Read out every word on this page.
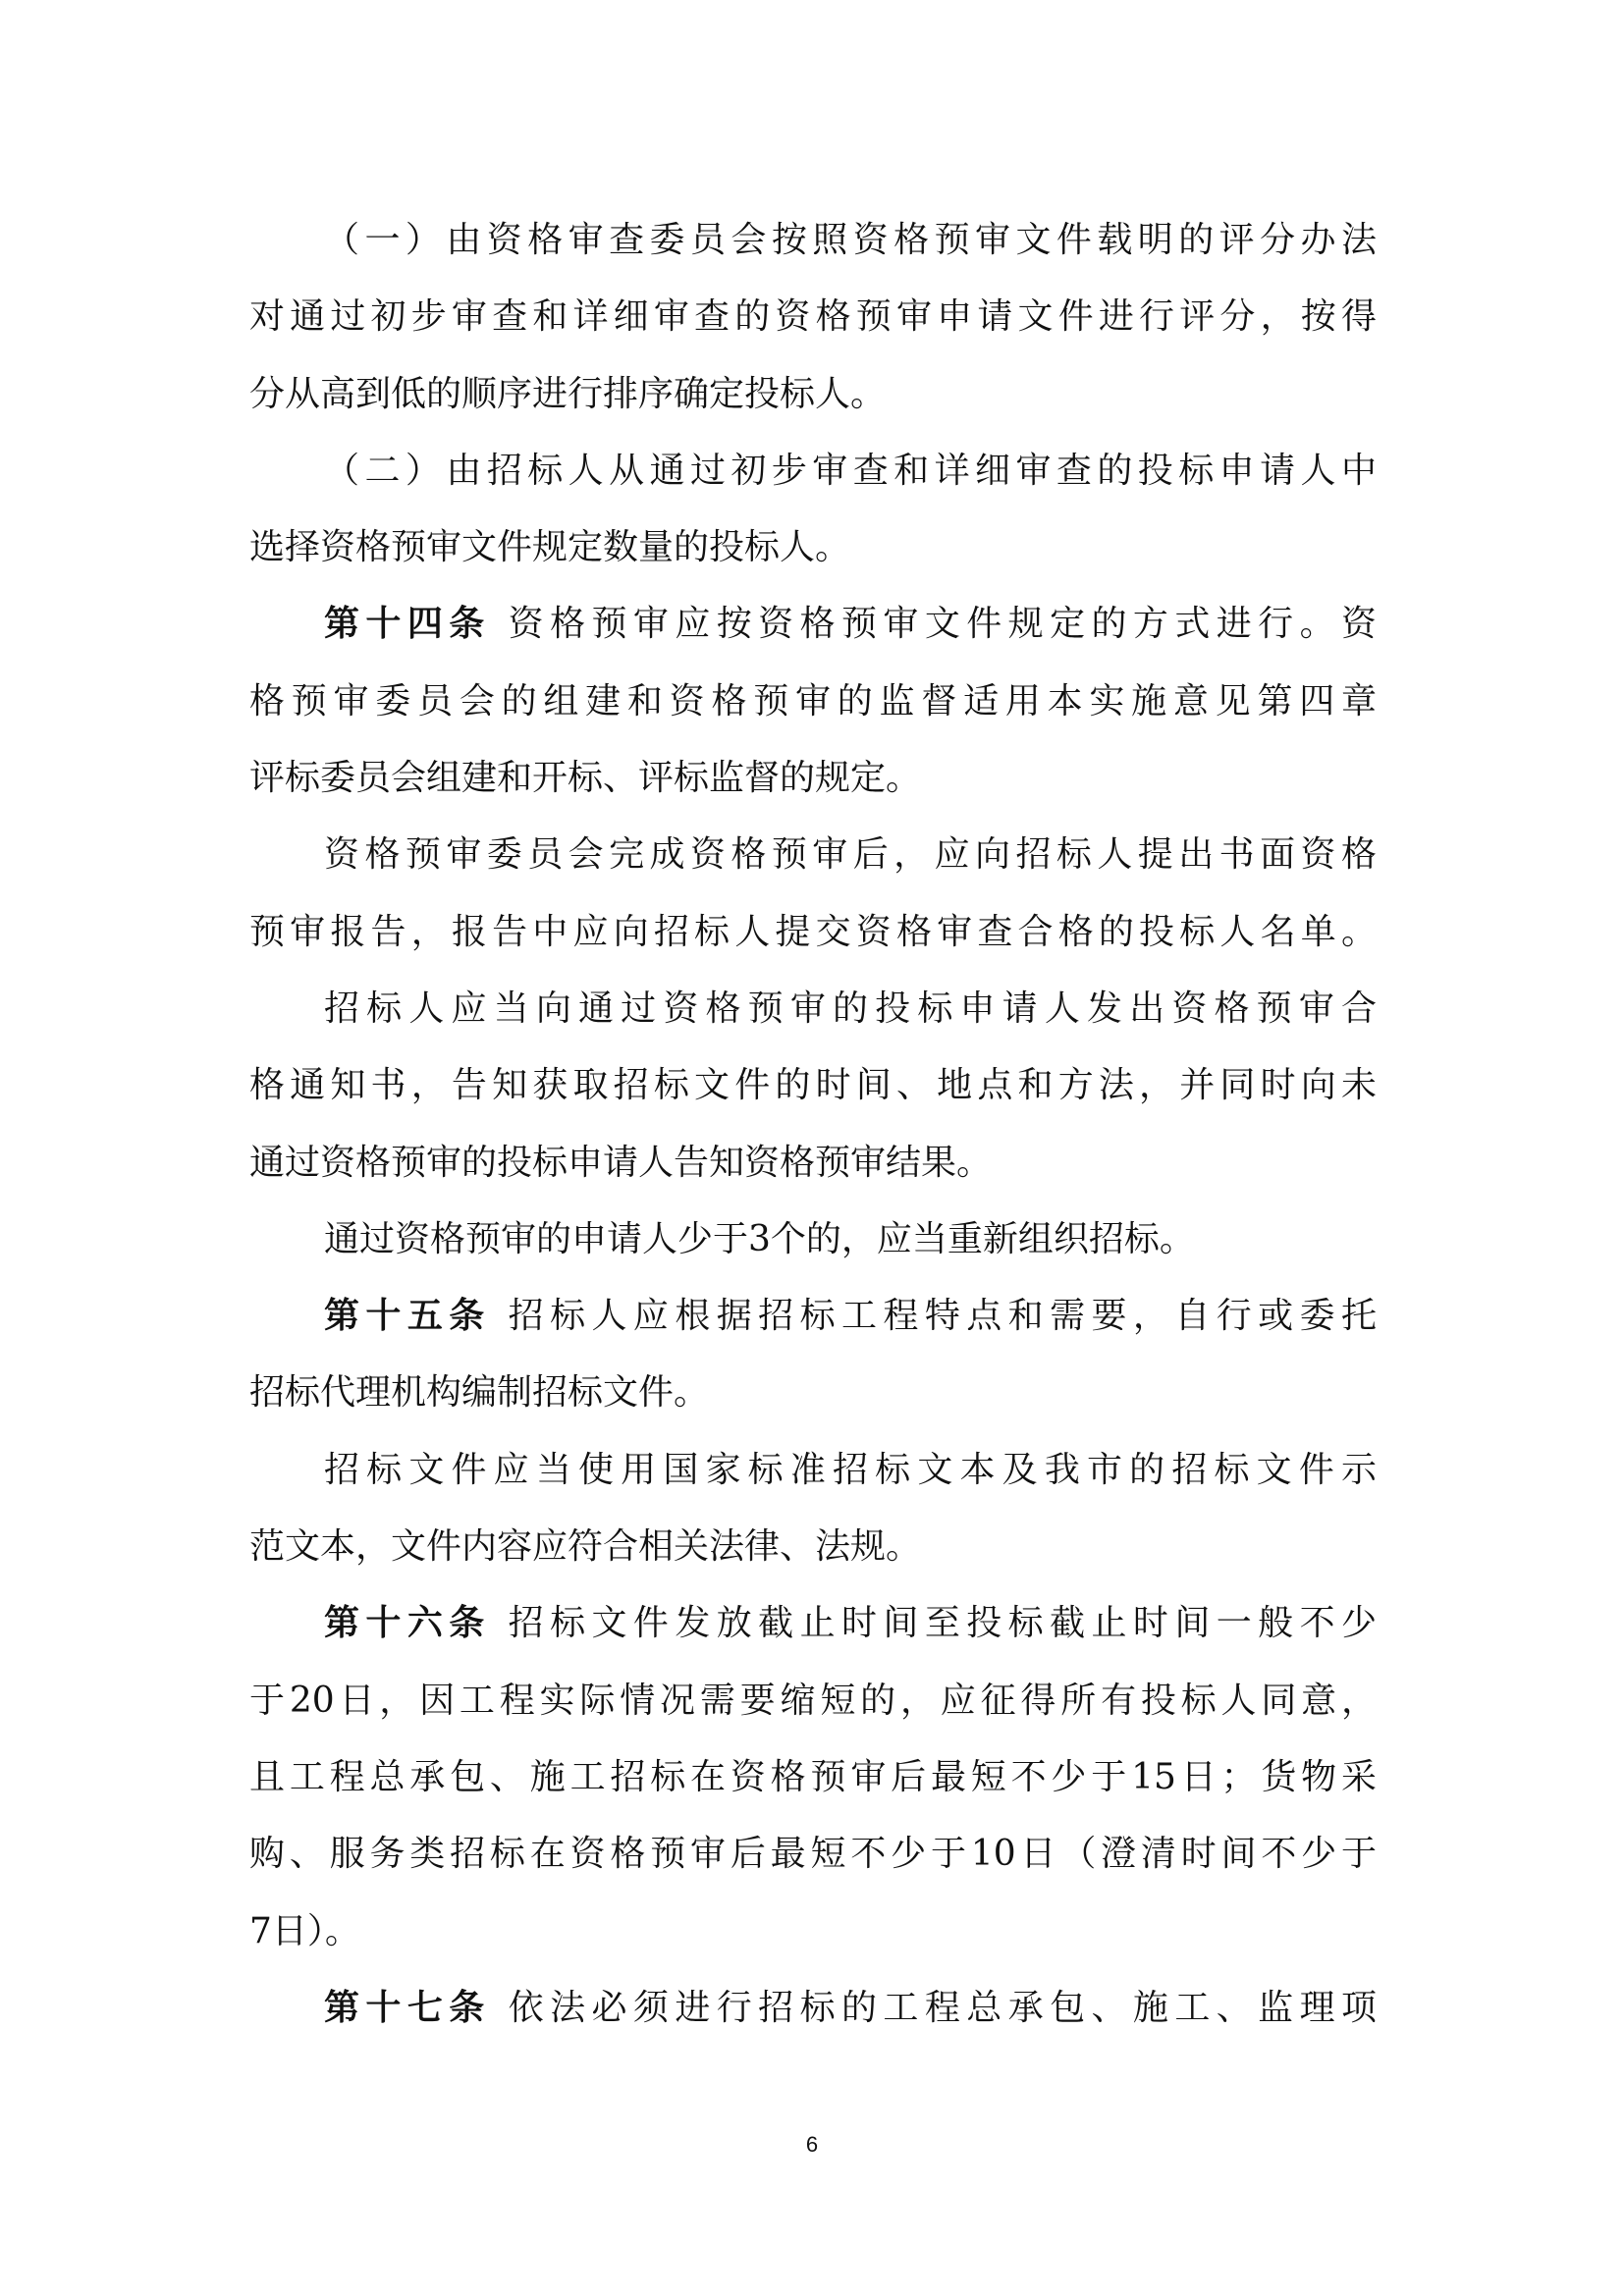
（一）由资格审查委员会按照资格预审文件载明的评分办法
对通过初步审查和详细审查的资格预审申请文件进行评分，按得
分从高到低的顺序进行排序确定投标人。
（二）由招标人从通过初步审查和详细审查的投标申请人中
选择资格预审文件规定数量的投标人。
第十四条 资格预审应按资格预审文件规定的方式进行。资
格预审委员会的组建和资格预审的监督适用本实施意见第四章
评标委员会组建和开标、评标监督的规定。
资格预审委员会完成资格预审后，应向招标人提出书面资格
预审报告，报告中应向招标人提交资格审查合格的投标人名单。
招标人应当向通过资格预审的投标申请人发出资格预审合
格通知书，告知获取招标文件的时间、地点和方法，并同时向未
通过资格预审的投标申请人告知资格预审结果。
通过资格预审的申请人少于3个的，应当重新组织招标。
第十五条 招标人应根据招标工程特点和需要，自行或委托
招标代理机构编制招标文件。
招标文件应当使用国家标准招标文本及我市的招标文件示
范文本，文件内容应符合相关法律、法规。
第十六条 招标文件发放截止时间至投标截止时间一般不少
于20日，因工程实际情况需要缩短的，应征得所有投标人同意，
且工程总承包、施工招标在资格预审后最短不少于15日；货物采
购、服务类招标在资格预审后最短不少于10日（澄清时间不少于
7日）。
第十七条 依法必须进行招标的工程总承包、施工、监理项
6
